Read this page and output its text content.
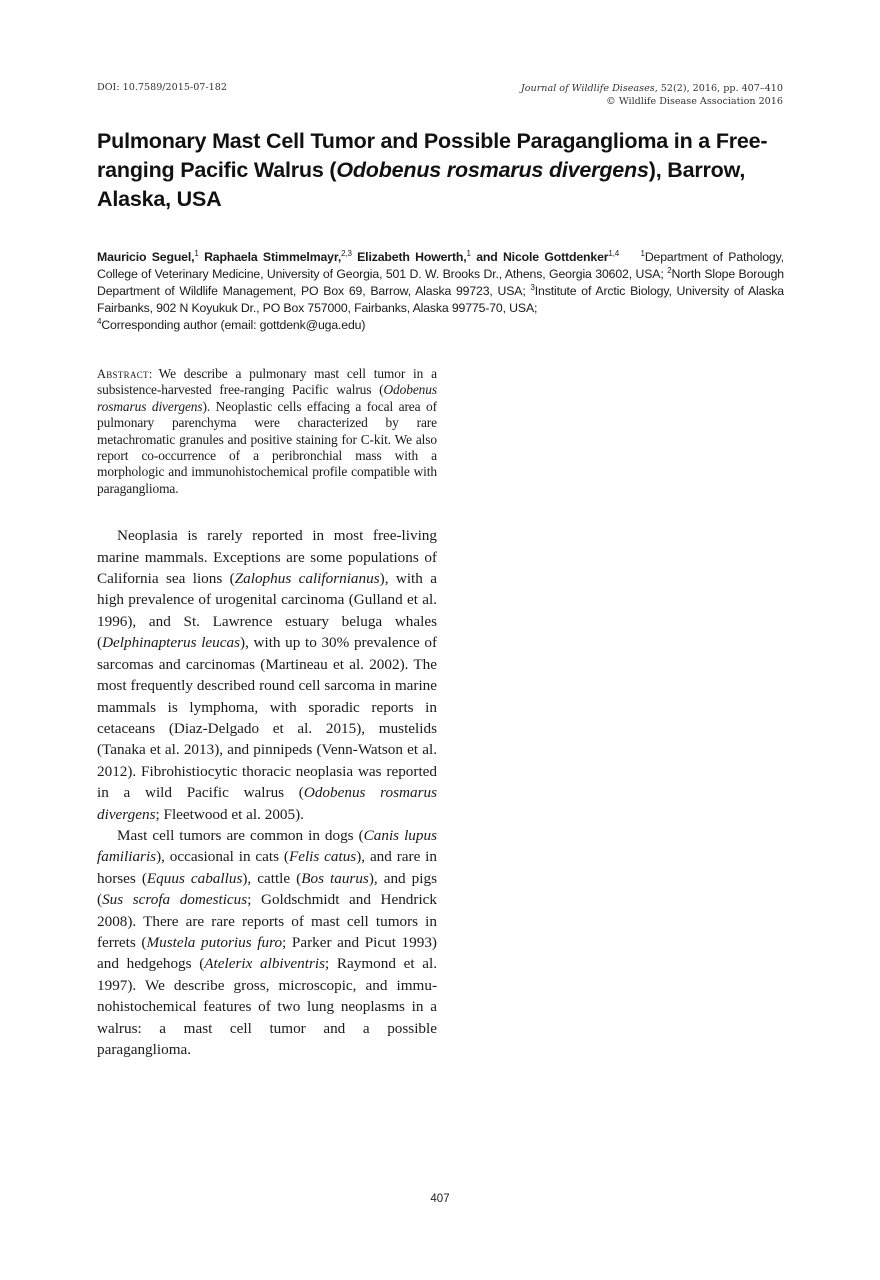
DOI: 10.7589/2015-07-182	Journal of Wildlife Diseases, 52(2), 2016, pp. 407–410
© Wildlife Disease Association 2016
Pulmonary Mast Cell Tumor and Possible Paraganglioma in a Free-ranging Pacific Walrus (Odobenus rosmarus divergens), Barrow, Alaska, USA
Mauricio Seguel,$^1$ Raphaela Stimmelmayr,$^{2,3}$ Elizabeth Howerth,$^1$ and Nicole Gottdenker$^{1,4}$	$^1$Department of Pathology, College of Veterinary Medicine, University of Georgia, 501 D. W. Brooks Dr., Athens, Georgia 30602, USA; $^2$North Slope Borough Department of Wildlife Management, PO Box 69, Barrow, Alaska 99723, USA; $^3$Institute of Arctic Biology, University of Alaska Fairbanks, 902 N Koyukuk Dr., PO Box 757000, Fairbanks, Alaska 99775-70, USA;
$^4$Corresponding author (email: gottdenk@uga.edu)

Abstract: We describe a pulmonary mast cell tumor in a subsistence-harvested free-ranging Pacific walrus (Odobenus rosmarus divergens). Neoplastic cells effacing a focal area of pulmonary parenchyma were characterized by rare metachromatic granules and positive staining for C-kit. We also report co-occurrence of a peribronchial mass with a morphologic and immunohistochemical profile compatible with paraganglioma.

Neoplasia is rarely reported in most free-living marine mammals. Exceptions are some populations of California sea lions (Zalophus californianus), with a high prevalence of urogenital carcinoma (Gulland et al. 1996), and St. Lawrence estuary beluga whales (Delphinapterus leucas), with up to 30% prevalence of sarcomas and carcinomas (Martineau et al. 2002). The most frequently described round cell sarcoma in marine mammals is lymphoma, with sporadic reports in cetaceans (Diaz-Delgado et al. 2015), mustelids (Tanaka et al. 2013), and pinnipeds (Venn-Watson et al. 2012). Fibrohistiocytic thoracic neoplasia was reported in a wild Pacific walrus (Odobenus rosmarus divergens; Fleetwood et al. 2005).

Mast cell tumors are common in dogs (Canis lupus familiaris), occasional in cats (Felis catus), and rare in horses (Equus caballus), cattle (Bos taurus), and pigs (Sus scrofa domesticus; Goldschmidt and Hendrick 2008). There are rare reports of mast cell tumors in ferrets (Mustela putorius furo; Parker and Picut 1993) and hedgehogs (Atelerix albiventris; Raymond et al. 1997). We describe gross, microscopic, and immunohistochemical features of two lung neoplasms in a walrus: a mast cell tumor and a possible paraganglioma.

407
